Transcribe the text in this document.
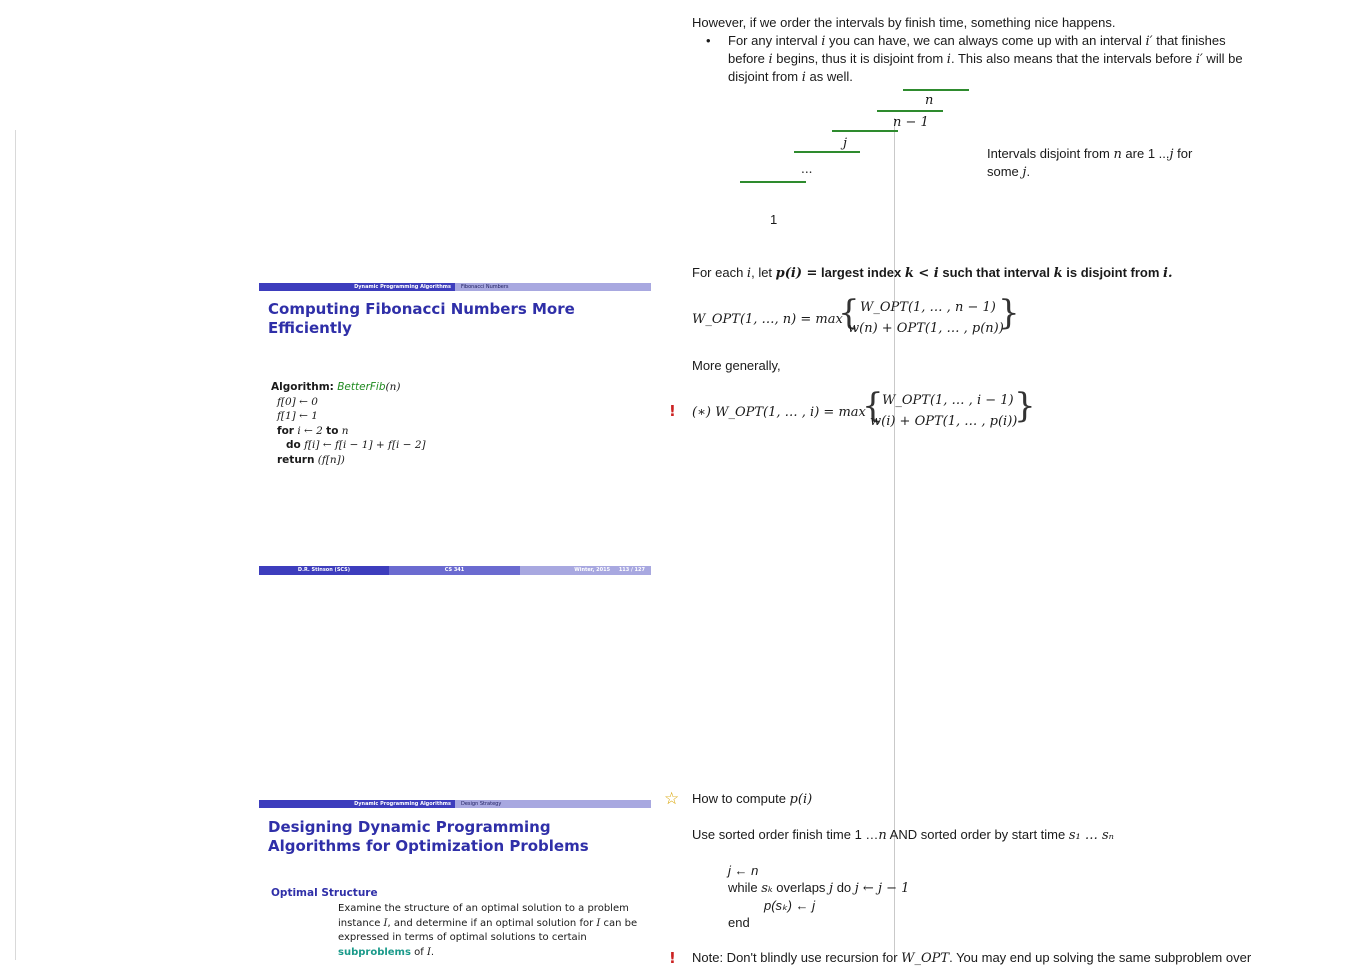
However, if we order the intervals by finish time, something nice happens.
• For any interval i you can have, we can always come up with an interval i′ that finishes
before i begins, thus it is disjoint from i. This also means that the intervals before i′ will be
disjoint from i as well.
n
n − 1
j
...
1
Intervals disjoint from n are 1 ...j for
some j.
For each i, let p(i) = largest index k < i such that interval k is disjoint from i.
W_OPT(1, …, n) = max
{ W_OPT(1, … , n − 1)
w(n) + OPT(1, … , p(n))
}
More generally,
! (∗) W_OPT(1, … , i) = max
{
W_OPT(1, … , i − 1)
w(i) + OPT(1, … , p(i))
}
☆ How to compute p(i)
Use sorted order finish time 1 …n AND sorted order by start time s₁ … sₙ
j ← n
while sₖ overlaps j do j ← j − 1
p(sₖ) ← j
end
! Note: Don't blindly use recursion for W_OPT. You may end up solving the same subproblem over
Dynamic Programming Algorithms	Fibonacci Numbers
Computing Fibonacci Numbers More Efficiently
Algorithm: BetterFib(n)
f[0] ← 0
f[1] ← 1
for i ← 2 to n
do f[i] ← f[i − 1] + f[i − 2]
return (f[n])
D.R. Stinson (SCS)	CS 341	Winter, 2015 113 / 127
Dynamic Programming Algorithms	Design Strategy
Designing Dynamic Programming Algorithms for Optimization Problems
Optimal Structure
Examine the structure of an optimal solution to a problem instance I, and determine if an optimal solution for I can be expressed in terms of optimal solutions to certain subproblems of I.
